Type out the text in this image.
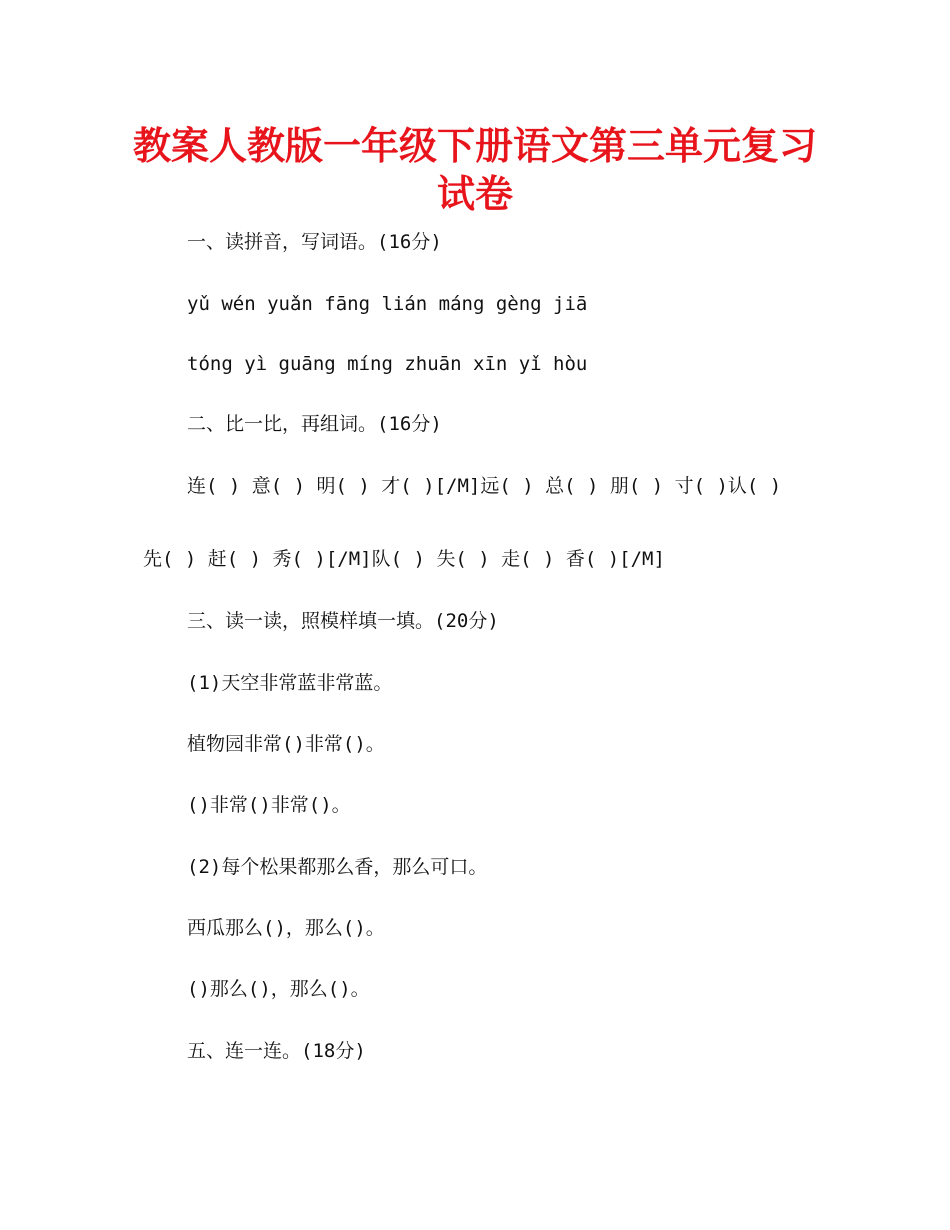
教案人教版一年级下册语文第三单元复习
试卷

一、读拼音，写词语。(16分)

yǔ wén yuǎn fāng lián máng gèng jiā

tóng yì guāng míng zhuān xīn yǐ hòu

二、比一比，再组词。(16分)

连( ) 意( ) 明( ) 才( )[/M]远( ) 总( ) 朋( ) 寸( )认( )

先( ) 赶( ) 秀( )[/M]队( ) 失( ) 走( ) 香( )[/M]

三、读一读，照模样填一填。(20分)

(1)天空非常蓝非常蓝。

植物园非常()非常()。

()非常()非常()。

(2)每个松果都那么香，那么可口。

西瓜那么()，那么()。

()那么()，那么()。

五、连一连。(18分)
